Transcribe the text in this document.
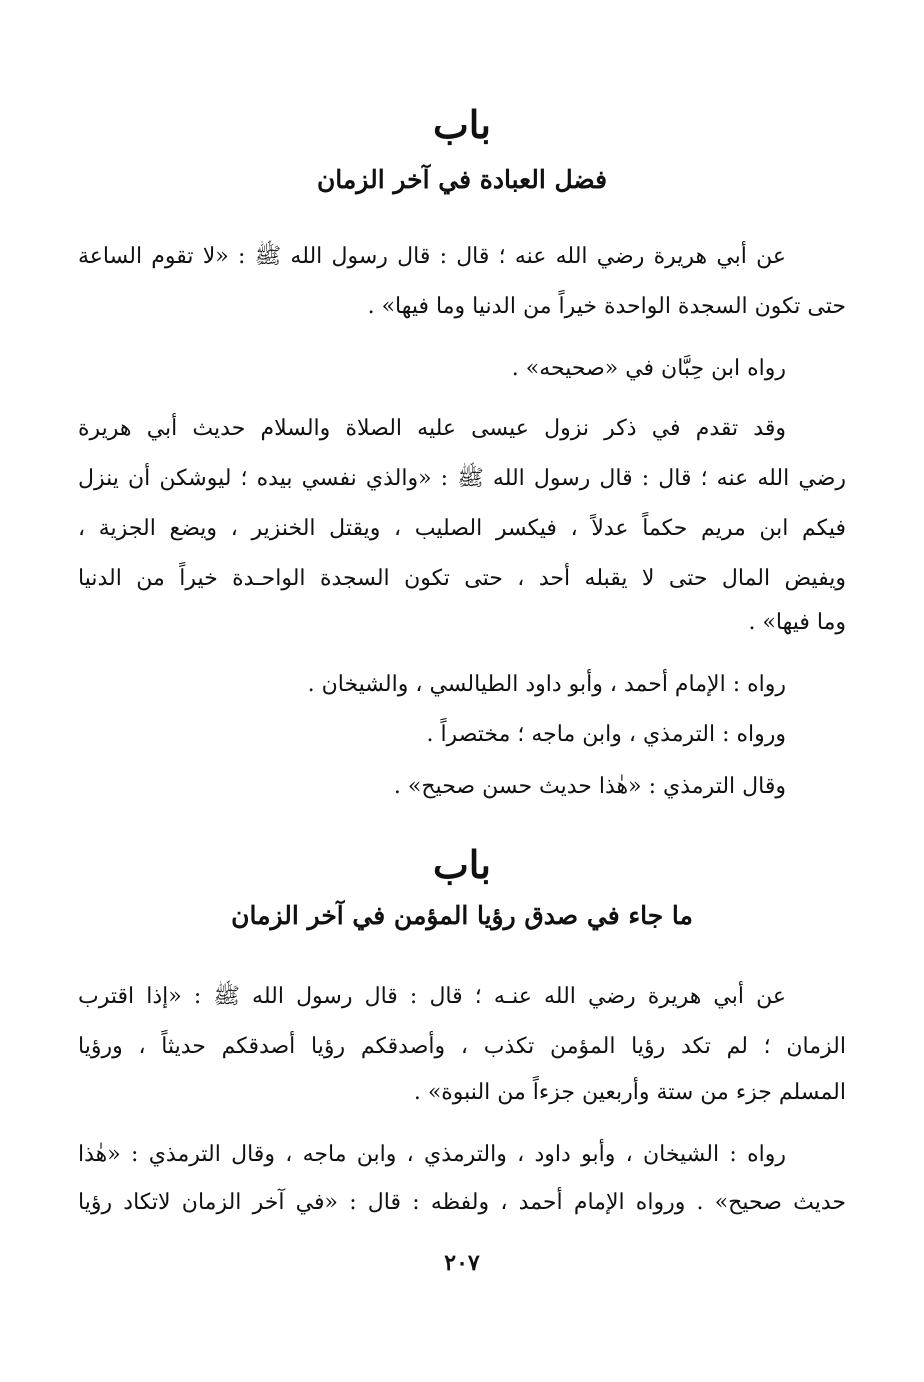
باب
فضل العبادة في آخر الزمان
عن أبي هريرة رضي الله عنه ؛ قال : قال رسول الله ﷺ : «لا تقوم الساعة
حتى تكون السجدة الواحدة خيراً من الدنيا وما فيها» .
رواه ابن حِبَّان في «صحيحه» .
وقد تقدم في ذكر نزول عيسى عليه الصلاة والسلام حديث أبي هريرة
رضي الله عنه ؛ قال : قال رسول الله ﷺ : «والذي نفسي بيده ؛ ليوشكن أن ينزل
فيكم ابن مريم حكماً عدلاً ، فيكسر الصليب ، ويقتل الخنزير ، ويضع الجزية ،
ويفيض المال حتى لا يقبله أحد ، حتى تكون السجدة الواحـدة خيراً من الدنيا
وما فيها» .
رواه : الإمام أحمد ، وأبو داود الطيالسي ، والشيخان .
ورواه : الترمذي ، وابن ماجه ؛ مختصراً .
وقال الترمذي : «هٰذا حديث حسن صحيح» .
باب
ما جاء في صدق رؤيا المؤمن في آخر الزمان
عن أبي هريرة رضي الله عنـه ؛ قال : قال رسول الله ﷺ : «إذا اقترب
الزمان ؛ لم تكد رؤيا المؤمن تكذب ، وأصدقكم رؤيا أصدقكم حديثاً ، ورؤيا
المسلم جزء من ستة وأربعين جزءاً من النبوة» .
رواه : الشيخان ، وأبو داود ، والترمذي ، وابن ماجه ، وقال الترمذي : «هٰذا
حديث صحيح» . ورواه الإمام أحمد ، ولفظه : قال : «في آخر الزمان لاتكاد رؤيا
٢٠٧
